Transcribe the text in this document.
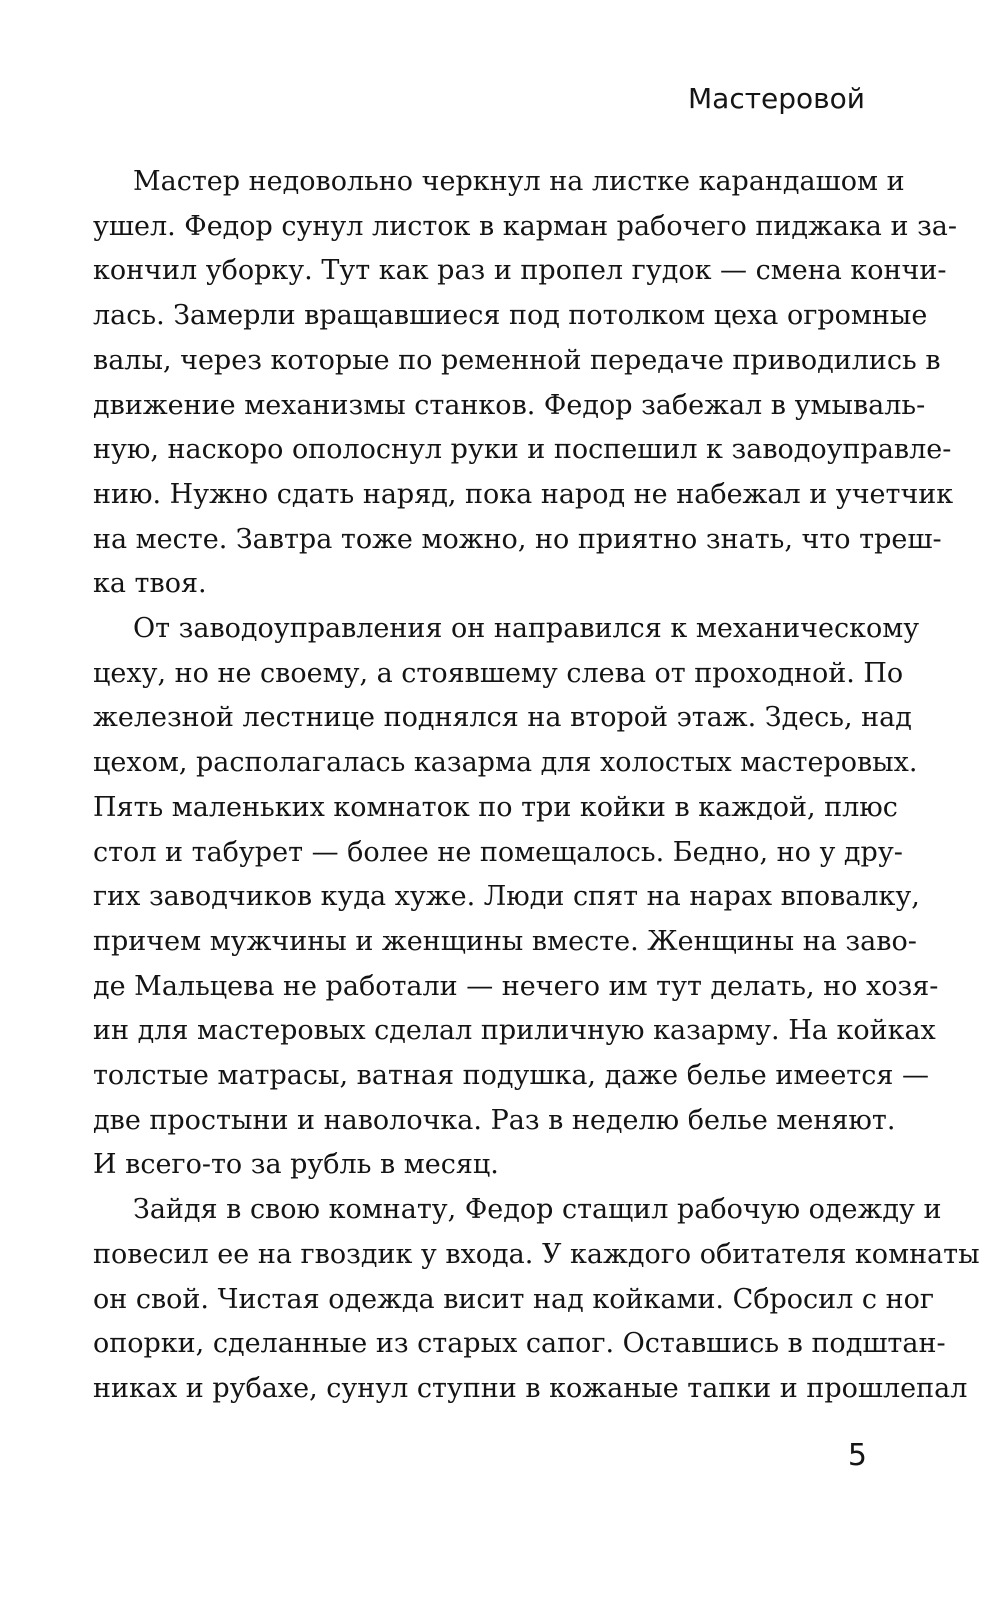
Мастеровой

Мастер недовольно черкнул на листке карандашом и
ушел. Федор сунул листок в карман рабочего пиджака и за-
кончил уборку. Тут как раз и пропел гудок — смена кончи-
лась. Замерли вращавшиеся под потолком цеха огромные
валы, через которые по ременной передаче приводились в
движение механизмы станков. Федор забежал в умываль-
ную, наскоро ополоснул руки и поспешил к заводоуправле-
нию. Нужно сдать наряд, пока народ не набежал и учетчик
на месте. Завтра тоже можно, но приятно знать, что треш-
ка твоя.

От заводоуправления он направился к механическому
цеху, но не своему, а стоявшему слева от проходной. По
железной лестнице поднялся на второй этаж. Здесь, над
цехом, располагалась казарма для холостых мастеровых.
Пять маленьких комнаток по три койки в каждой, плюс
стол и табурет — более не помещалось. Бедно, но у дру-
гих заводчиков куда хуже. Люди спят на нарах вповалку,
причем мужчины и женщины вместе. Женщины на заво-
де Мальцева не работали — нечего им тут делать, но хозя-
ин для мастеровых сделал приличную казарму. На койках
толстые матрасы, ватная подушка, даже белье имеется —
две простыни и наволочка. Раз в неделю белье меняют.
И всего-то за рубль в месяц.

Зайдя в свою комнату, Федор стащил рабочую одежду и
повесил ее на гвоздик у входа. У каждого обитателя комнаты
он свой. Чистая одежда висит над койками. Сбросил с ног
опорки, сделанные из старых сапог. Оставшись в подштан-
никах и рубахе, сунул ступни в кожаные тапки и прошлепал

5
